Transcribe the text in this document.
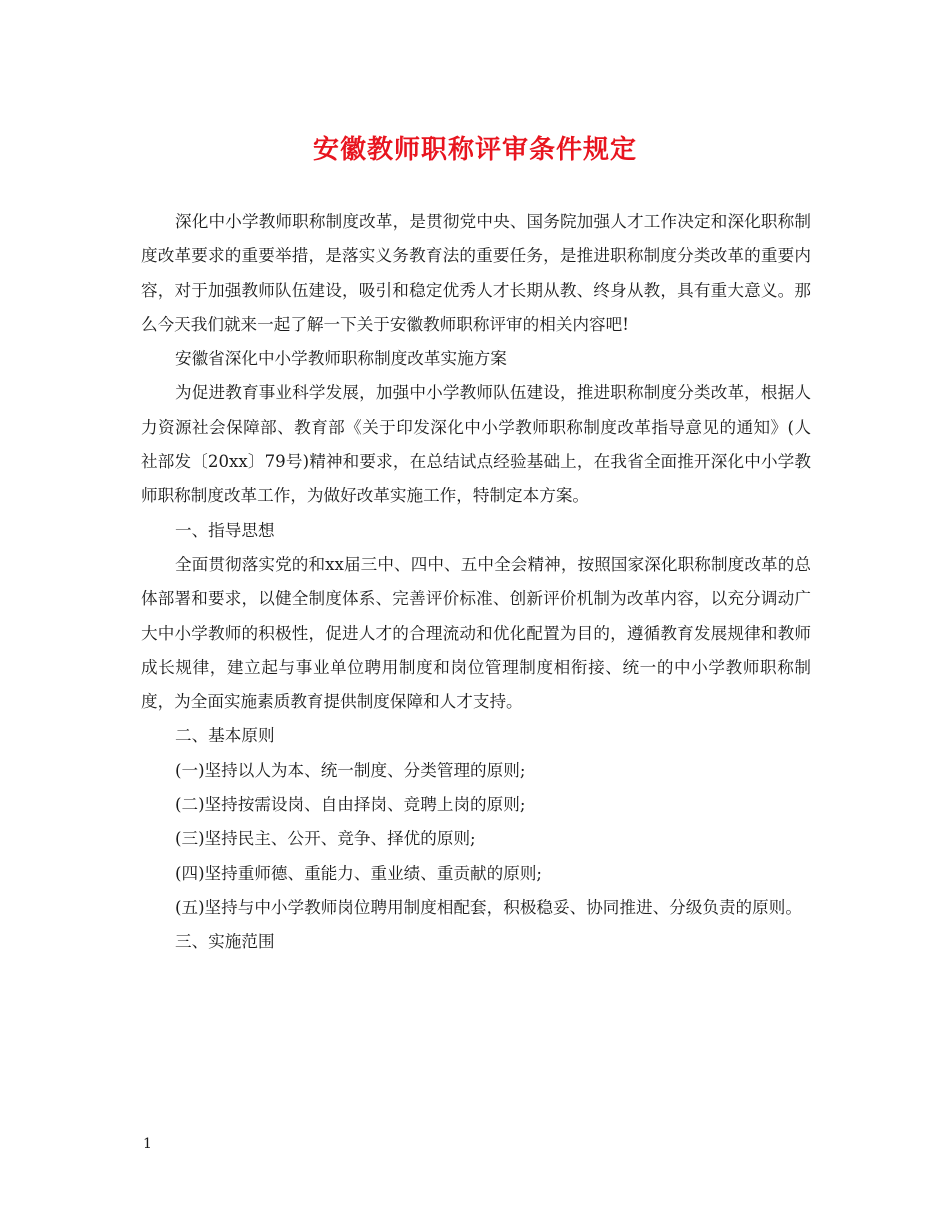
安徽教师职称评审条件规定

深化中小学教师职称制度改革，是贯彻党中央、国务院加强人才工作决定和深化职称制度改革要求的重要举措，是落实义务教育法的重要任务，是推进职称制度分类改革的重要内容，对于加强教师队伍建设，吸引和稳定优秀人才长期从教、终身从教，具有重大意义。那么今天我们就来一起了解一下关于安徽教师职称评审的相关内容吧!

安徽省深化中小学教师职称制度改革实施方案

为促进教育事业科学发展，加强中小学教师队伍建设，推进职称制度分类改革，根据人力资源社会保障部、教育部《关于印发深化中小学教师职称制度改革指导意见的通知》(人社部发〔20xx〕79号)精神和要求，在总结试点经验基础上，在我省全面推开深化中小学教师职称制度改革工作，为做好改革实施工作，特制定本方案。

一、指导思想

全面贯彻落实党的和xx届三中、四中、五中全会精神，按照国家深化职称制度改革的总体部署和要求，以健全制度体系、完善评价标准、创新评价机制为改革内容，以充分调动广大中小学教师的积极性，促进人才的合理流动和优化配置为目的，遵循教育发展规律和教师成长规律，建立起与事业单位聘用制度和岗位管理制度相衔接、统一的中小学教师职称制度，为全面实施素质教育提供制度保障和人才支持。

二、基本原则

(一)坚持以人为本、统一制度、分类管理的原则;

(二)坚持按需设岗、自由择岗、竞聘上岗的原则;

(三)坚持民主、公开、竞争、择优的原则;

(四)坚持重师德、重能力、重业绩、重贡献的原则;

(五)坚持与中小学教师岗位聘用制度相配套，积极稳妥、协同推进、分级负责的原则。

三、实施范围

1
